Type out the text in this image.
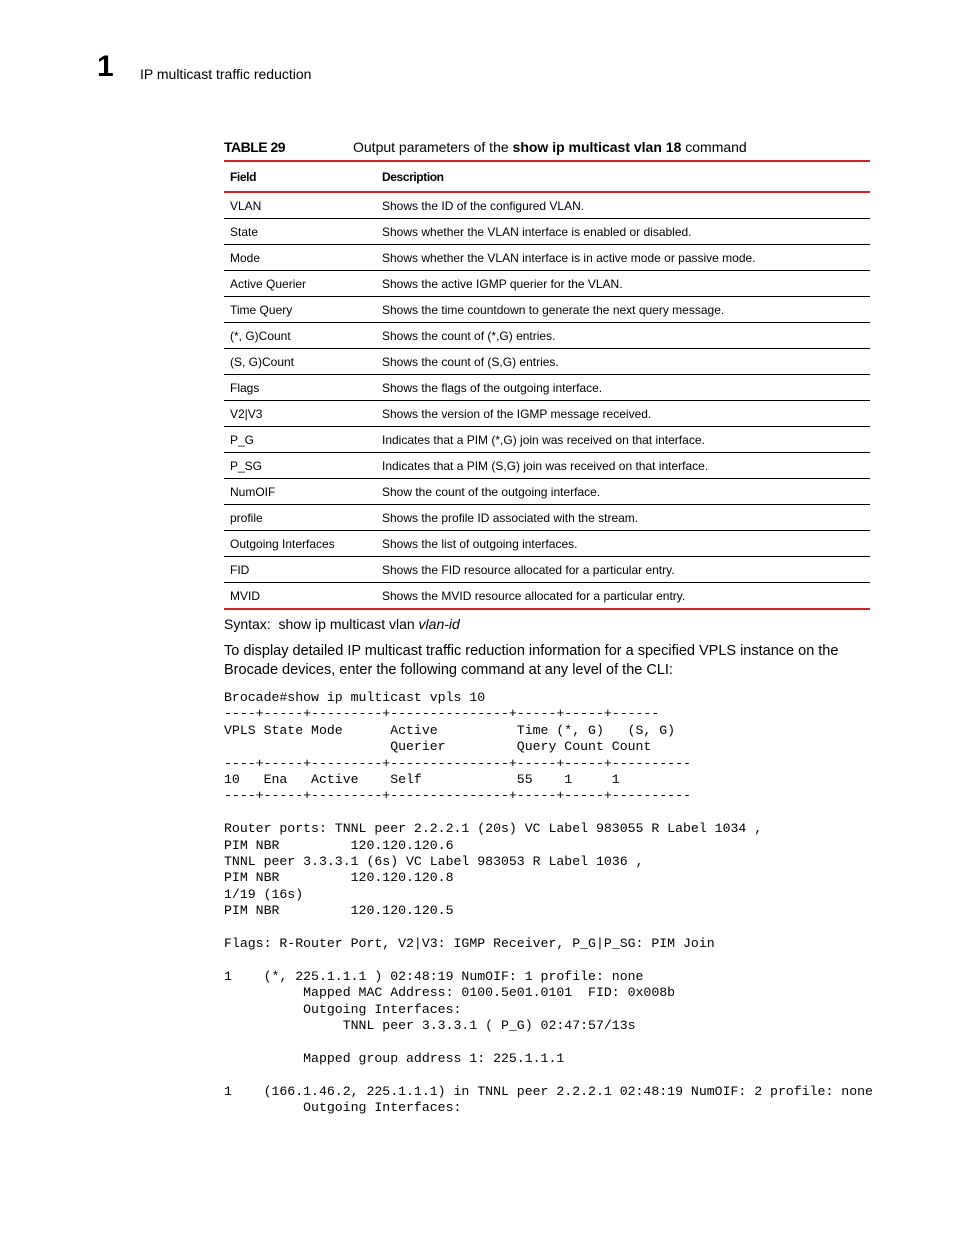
1 IP multicast traffic reduction
TABLE 29	Output parameters of the show ip multicast vlan 18 command
Field	Description
VLAN	Shows the ID of the configured VLAN.
State	Shows whether the VLAN interface is enabled or disabled.
Mode	Shows whether the VLAN interface is in active mode or passive mode.
Active Querier	Shows the active IGMP querier for the VLAN.
Time Query	Shows the time countdown to generate the next query message.
(*, G)Count	Shows the count of (*,G) entries.
(S, G)Count	Shows the count of (S,G) entries.
Flags	Shows the flags of the outgoing interface.
V2|V3	Shows the version of the IGMP message received.
P_G	Indicates that a PIM (*,G) join was received on that interface.
P_SG	Indicates that a PIM (S,G) join was received on that interface.
NumOIF	Show the count of the outgoing interface.
profile	Shows the profile ID associated with the stream.
Outgoing Interfaces	Shows the list of outgoing interfaces.
FID	Shows the FID resource allocated for a particular entry.
MVID	Shows the MVID resource allocated for a particular entry.
Syntax: show ip multicast vlan vlan-id
To display detailed IP multicast traffic reduction information for a specified VPLS instance on the Brocade devices, enter the following command at any level of the CLI:
Brocade#show ip multicast vpls 10
----+-----+---------+---------------+-----+-----+------
VPLS State Mode      Active          Time (*, G)   (S, G)
Querier         Query Count Count
----+-----+---------+---------------+-----+-----+----------
10   Ena   Active    Self            55    1     1
----+-----+---------+---------------+-----+-----+----------

Router ports: TNNL peer 2.2.2.1 (20s) VC Label 983055 R Label 1034 ,
PIM NBR         120.120.120.6
TNNL peer 3.3.3.1 (6s) VC Label 983053 R Label 1036 ,
PIM NBR         120.120.120.8
1/19 (16s)
PIM NBR         120.120.120.5

Flags: R-Router Port, V2|V3: IGMP Receiver, P_G|P_SG: PIM Join

1    (*, 225.1.1.1 ) 02:48:19 NumOIF: 1 profile: none
Mapped MAC Address: 0100.5e01.0101  FID: 0x008b
Outgoing Interfaces:
TNNL peer 3.3.3.1 ( P_G) 02:47:57/13s

Mapped group address 1: 225.1.1.1

1    (166.1.46.2, 225.1.1.1) in TNNL peer 2.2.2.1 02:48:19 NumOIF: 2 profile: none
Outgoing Interfaces:
